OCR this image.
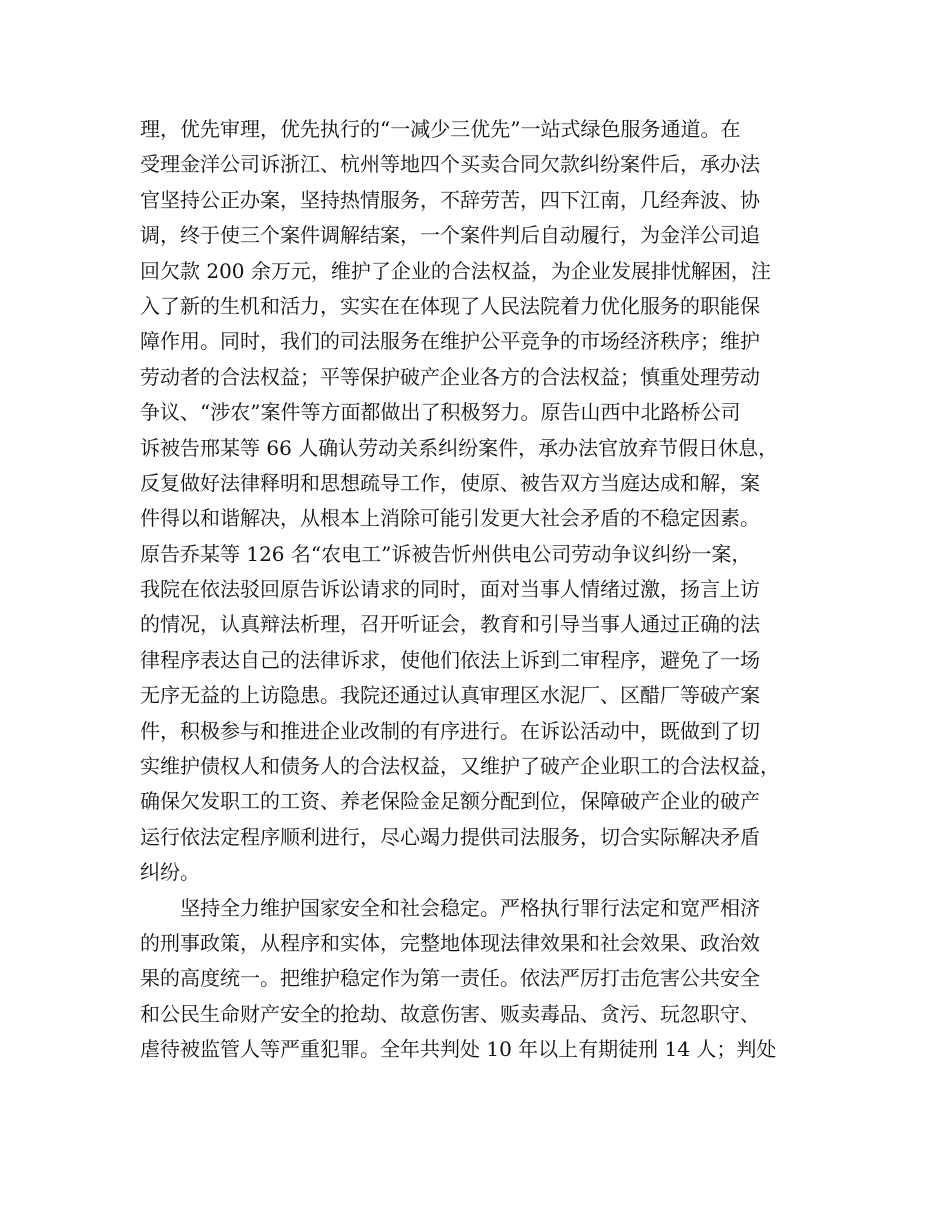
理，优先审理，优先执行的“一减少三优先”一站式绿色服务通道。在
受理金洋公司诉浙江、杭州等地四个买卖合同欠款纠纷案件后，承办法
官坚持公正办案，坚持热情服务，不辞劳苦，四下江南，几经奔波、协
调，终于使三个案件调解结案，一个案件判后自动履行，为金洋公司追
回欠款 200 余万元，维护了企业的合法权益，为企业发展排忧解困，注
入了新的生机和活力，实实在在体现了人民法院着力优化服务的职能保
障作用。同时，我们的司法服务在维护公平竞争的市场经济秩序；维护
劳动者的合法权益；平等保护破产企业各方的合法权益；慎重处理劳动
争议、“涉农”案件等方面都做出了积极努力。原告山西中北路桥公司
诉被告邢某等 66 人确认劳动关系纠纷案件，承办法官放弃节假日休息，
反复做好法律释明和思想疏导工作，使原、被告双方当庭达成和解，案
件得以和谐解决，从根本上消除可能引发更大社会矛盾的不稳定因素。
原告乔某等 126 名“农电工”诉被告忻州供电公司劳动争议纠纷一案，
我院在依法驳回原告诉讼请求的同时，面对当事人情绪过激，扬言上访
的情况，认真辩法析理，召开听证会，教育和引导当事人通过正确的法
律程序表达自己的法律诉求，使他们依法上诉到二审程序，避免了一场
无序无益的上访隐患。我院还通过认真审理区水泥厂、区醋厂等破产案
件，积极参与和推进企业改制的有序进行。在诉讼活动中，既做到了切
实维护债权人和债务人的合法权益，又维护了破产企业职工的合法权益，
确保欠发职工的工资、养老保险金足额分配到位，保障破产企业的破产
运行依法定程序顺利进行，尽心竭力提供司法服务，切合实际解决矛盾
纠纷。
　　坚持全力维护国家安全和社会稳定。严格执行罪行法定和宽严相济
的刑事政策，从程序和实体，完整地体现法律效果和社会效果、政治效
果的高度统一。把维护稳定作为第一责任。依法严厉打击危害公共安全
和公民生命财产安全的抢劫、故意伤害、贩卖毒品、贪污、玩忽职守、
虐待被监管人等严重犯罪。全年共判处 10 年以上有期徒刑 14 人；判处
